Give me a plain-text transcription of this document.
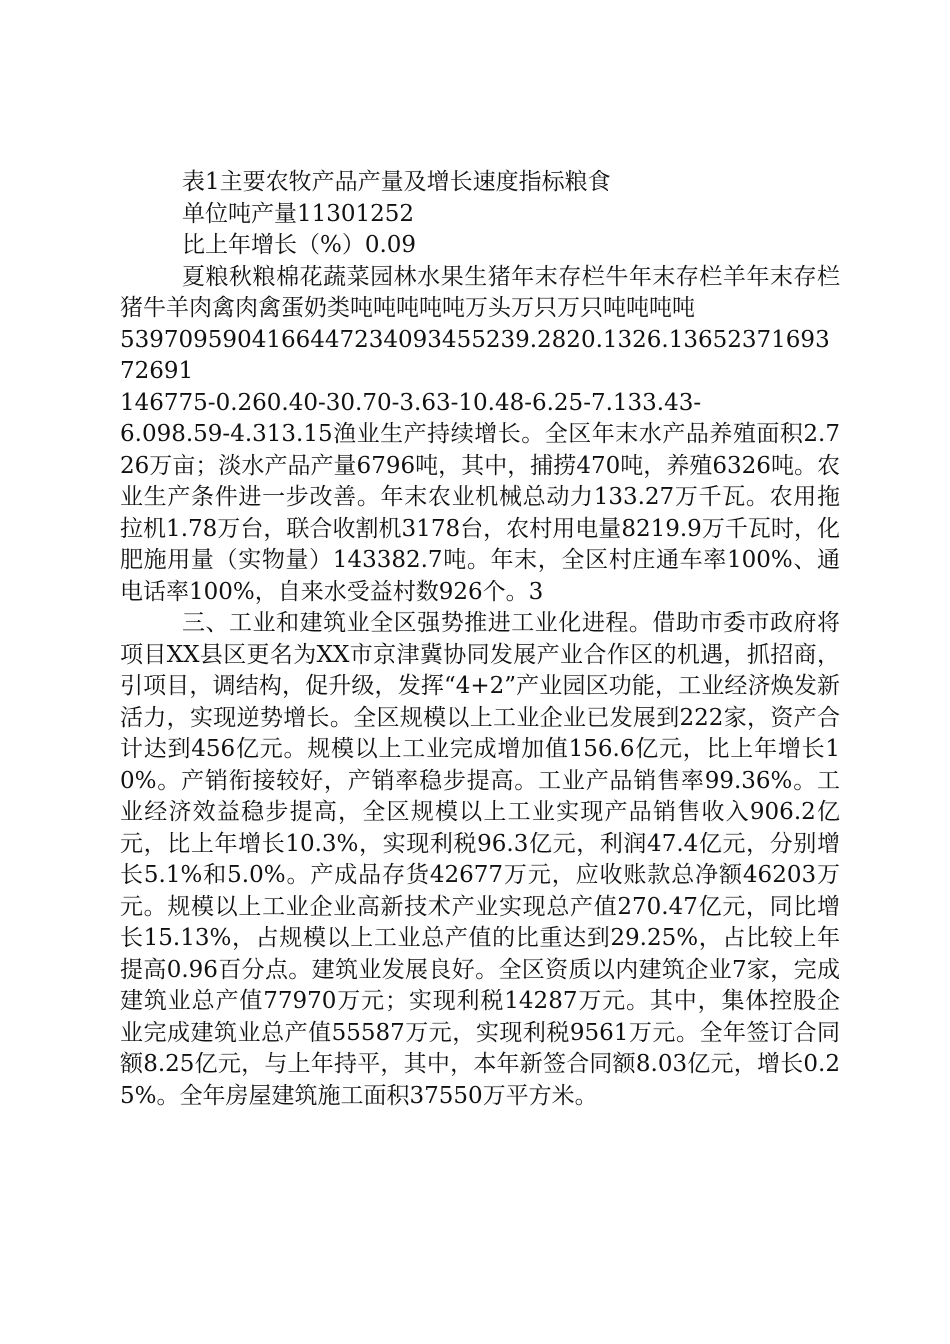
表1主要农牧产品产量及增长速度指标粮食
单位吨产量11301252
比上年增长（%）0.09
夏粮秋粮棉花蔬菜园林水果生猪年末存栏牛年末存栏羊年末存栏猪牛羊肉禽肉禽蛋奶类吨吨吨吨吨万头万只万只吨吨吨吨
5397095904166447234093455239.2820.1326.1365237169372691
146775-0.260.40-30.70-3.63-10.48-6.25-7.133.43-
6.098.59-4.313.15渔业生产持续增长。全区年末水产品养殖面积2.726万亩；淡水产品产量6796吨，其中，捕捞470吨，养殖6326吨。农业生产条件进一步改善。年末农业机械总动力133.27万千瓦。农用拖拉机1.78万台，联合收割机3178台，农村用电量8219.9万千瓦时，化肥施用量（实物量）143382.7吨。年末，全区村庄通车率100%、通电话率100%，自来水受益村数926个。3
三、工业和建筑业全区强势推进工业化进程。借助市委市政府将项目XX县区更名为XX市京津冀协同发展产业合作区的机遇，抓招商，引项目，调结构，促升级，发挥“4+2”产业园区功能，工业经济焕发新活力，实现逆势增长。全区规模以上工业企业已发展到222家，资产合计达到456亿元。规模以上工业完成增加值156.6亿元，比上年增长10%。产销衔接较好，产销率稳步提高。工业产品销售率99.36%。工业经济效益稳步提高，全区规模以上工业实现产品销售收入906.2亿元，比上年增长10.3%，实现利税96.3亿元，利润47.4亿元，分别增长5.1%和5.0%。产成品存货42677万元，应收账款总净额46203万元。规模以上工业企业高新技术产业实现总产值270.47亿元，同比增长15.13%，占规模以上工业总产值的比重达到29.25%，占比较上年提高0.96百分点。建筑业发展良好。全区资质以内建筑企业7家，完成建筑业总产值77970万元；实现利税14287万元。其中，集体控股企业完成建筑业总产值55587万元，实现利税9561万元。全年签订合同额8.25亿元，与上年持平，其中，本年新签合同额8.03亿元，增长0.25%。全年房屋建筑施工面积37550万平方米。
